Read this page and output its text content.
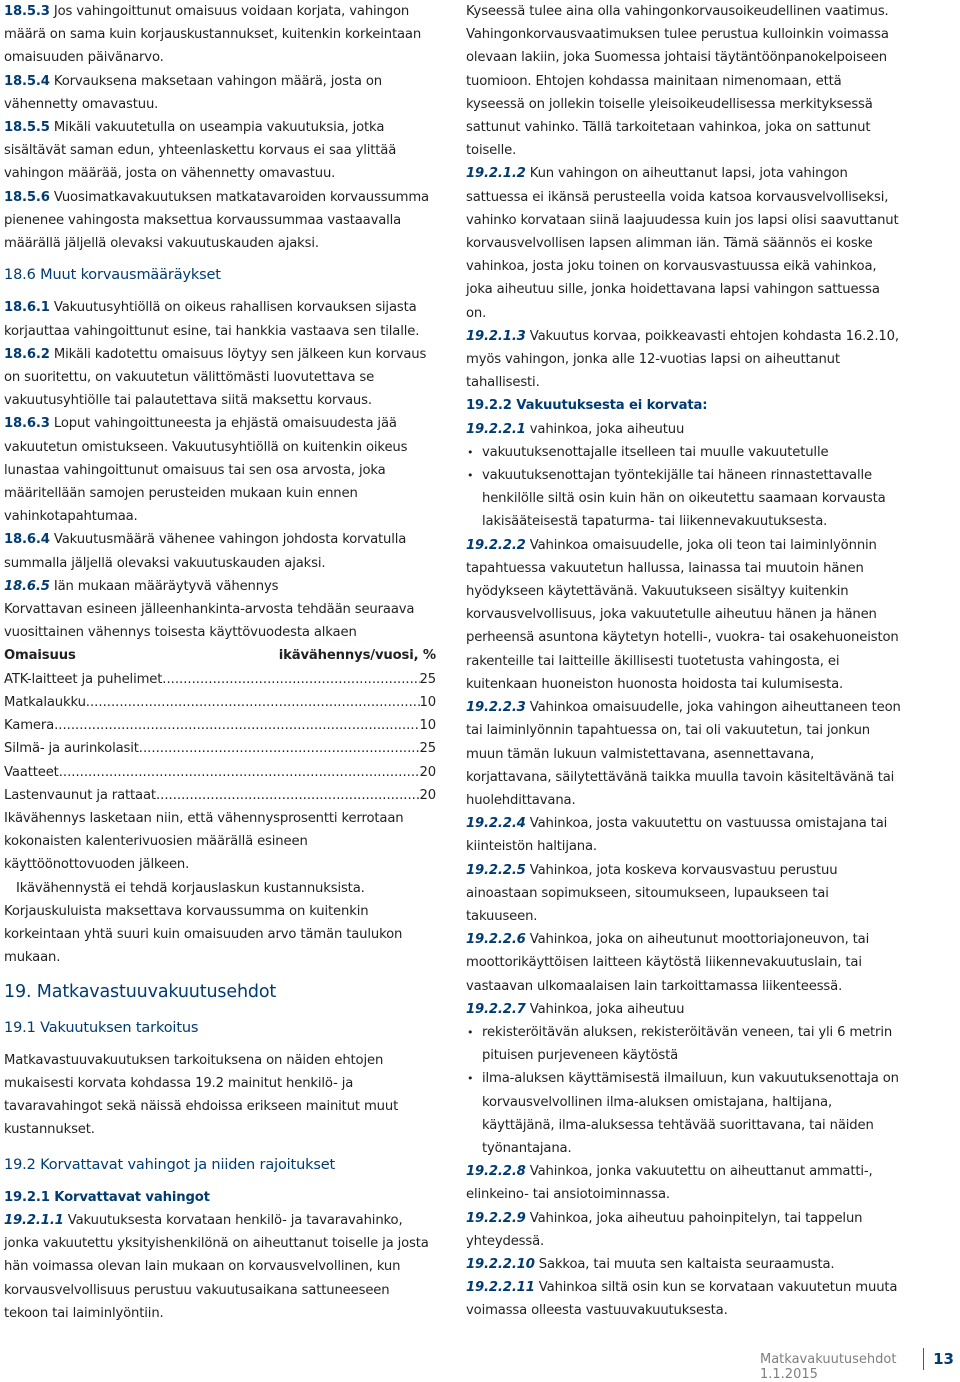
18.5.3 Jos vahingoittunut omaisuus voidaan korjata, vahingon määrä on sama kuin korjauskustannukset, kuitenkin korkeintaan omaisuuden päivänarvo.

18.5.4 Korvauksena maksetaan vahingon määrä, josta on vähennetty omavastuu.

18.5.5 Mikäli vakuutetulla on useampia vakuutuksia, jotka sisältävät saman edun, yhteenlaskettu korvaus ei saa ylittää vahingon määrää, josta on vähennetty omavastuu.

18.5.6 Vuosimatkavakuutuksen matkatavaroiden korvaussumma pienenee vahingosta maksettua korvaussummaa vastaavalla määrällä jäljellä olevaksi vakuutuskauden ajaksi.

18.6 Muut korvausmääräykset

18.6.1 Vakuutusyhtiöllä on oikeus rahallisen korvauksen sijasta korjauttaa vahingoittunut esine, tai hankkia vastaava sen tilalle.

18.6.2 Mikäli kadotettu omaisuus löytyy sen jälkeen kun korvaus on suoritettu, on vakuutetun välittömästi luovutettava se vakuutusyhtiölle tai palautettava siitä maksettu korvaus.

18.6.3 Loput vahingoittuneesta ja ehjästä omaisuudesta jää vakuutetun omistukseen. Vakuutusyhtiöllä on kuitenkin oikeus lunastaa vahingoittunut omaisuus tai sen osa arvosta, joka määritellään samojen perusteiden mukaan kuin ennen vahinkotapahtumaa.

18.6.4 Vakuutusmäärä vähenee vahingon johdosta korvatulla summalla jäljellä olevaksi vakuutuskauden ajaksi.

18.6.5 Iän mukaan määräytyvä vähennys

Korvattavan esineen jälleenhankinta-arvosta tehdään seuraava vuosittainen vähennys toisesta käyttövuodesta alkaen

Omaisuus	ikävähennys/vuosi, %
ATK-laitteet ja puhelimet .....	25
Matkalaukku .....	10
Kamera .....	10
Silmä- ja aurinkolasit .....	25
Vaatteet .....	20
Lastenvaunut ja rattaat .....	20

Ikävähennys lasketaan niin, että vähennysprosentti kerrotaan kokonaisten kalenterivuosien määrällä esineen käyttöönottovuoden jälkeen.

Ikävähennystä ei tehdä korjauslaskun kustannuksista. Korjauskuluista maksettava korvaussumma on kuitenkin korkeintaan yhtä suuri kuin omaisuuden arvo tämän taulukon mukaan.

19. Matkavastuuvakuutusehdot

19.1 Vakuutuksen tarkoitus

Matkavastuuvakuutuksen tarkoituksena on näiden ehtojen mukaisesti korvata kohdassa 19.2 mainitut henkilö- ja tavaravahingot sekä näissä ehdoissa erikseen mainitut muut kustannukset.

19.2 Korvattavat vahingot ja niiden rajoitukset

19.2.1 Korvattavat vahingot

19.2.1.1 Vakuutuksesta korvataan henkilö- ja tavaravahinko, jonka vakuutettu yksityishenkilönä on aiheuttanut toiselle ja josta hän voimassa olevan lain mukaan on korvausvelvollinen, kun korvausvelvollisuus perustuu vakuutusaikana sattuneeseen tekoon tai laiminlyöntiin.

Kyseessä tulee aina olla vahingonkorvausoikeudellinen vaatimus. Vahingonkorvausvaatimuksen tulee perustua kulloinkin voimassa olevaan lakiin, joka Suomessa johtaisi täytäntöönpanokelpoiseen tuomioon. Ehtojen kohdassa mainitaan nimenomaan, että kyseessä on jollekin toiselle yleisoikeudellisessa merkityksessä sattunut vahinko. Tällä tarkoitetaan vahinkoa, joka on sattunut toiselle.

19.2.1.2 Kun vahingon on aiheuttanut lapsi, jota vahingon sattuessa ei ikänsä perusteella voida katsoa korvausvelvolliseksi, vahinko korvataan siinä laajuudessa kuin jos lapsi olisi saavuttanut korvausvelvollisen lapsen alimman iän. Tämä säännös ei koske vahinkoa, josta joku toinen on korvausvastuussa eikä vahinkoa, joka aiheutuu sille, jonka hoidettavana lapsi vahingon sattuessa on.

19.2.1.3 Vakuutus korvaa, poikkeavasti ehtojen kohdasta 16.2.10, myös vahingon, jonka alle 12-vuotias lapsi on aiheuttanut tahallisesti.

19.2.2 Vakuutuksesta ei korvata:

19.2.2.1 vahinkoa, joka aiheutuu

• vakuutuksenottajalle itselleen tai muulle vakuutetulle

• vakuutuksenottajan työntekijälle tai häneen rinnastettavalle henkilölle siltä osin kuin hän on oikeutettu saamaan korvausta lakisääteisestä tapaturma- tai liikennevakuutuksesta.

19.2.2.2 Vahinkoa omaisuudelle, joka oli teon tai laiminlyönnin tapahtuessa vakuutetun hallussa, lainassa tai muutoin hänen hyödykseen käytettävänä. Vakuutukseen sisältyy kuitenkin korvausvelvollisuus, joka vakuutetulle aiheutuu hänen ja hänen perheensä asuntona käytetyn hotelli-, vuokra- tai osakehuoneiston rakenteille tai laitteille äkillisesti tuotetusta vahingosta, ei kuitenkaan huoneiston huonosta hoidosta tai kulumisesta.

19.2.2.3 Vahinkoa omaisuudelle, joka vahingon aiheuttaneen teon tai laiminlyönnin tapahtuessa on, tai oli vakuutetun, tai jonkun muun tämän lukuun valmistettavana, asennettavana, korjattavana, säilytettävänä taikka muulla tavoin käsiteltävänä tai huolehdittavana.

19.2.2.4 Vahinkoa, josta vakuutettu on vastuussa omistajana tai kiinteistön haltijana.

19.2.2.5 Vahinkoa, jota koskeva korvausvastuu perustuu ainoastaan sopimukseen, sitoumukseen, lupaukseen tai takuuseen.

19.2.2.6 Vahinkoa, joka on aiheutunut moottoriajoneuvon, tai moottorikäyttöisen laitteen käytöstä liikennevakuutuslain, tai vastaavan ulkomaalaisen lain tarkoittamassa liikenteessä.

19.2.2.7 Vahinkoa, joka aiheutuu

• rekisteröitävän aluksen, rekisteröitävän veneen, tai yli 6 metrin pituisen purjeveneen käytöstä

• ilma-aluksen käyttämisestä ilmailuun, kun vakuutuksenottaja on korvausvelvollinen ilma-aluksen omistajana, haltijana, käyttäjänä, ilma-aluksessa tehtävää suorittavana, tai näiden työnantajana.

19.2.2.8 Vahinkoa, jonka vakuutettu on aiheuttanut ammatti-, elinkeino- tai ansiotoiminnassa.

19.2.2.9 Vahinkoa, joka aiheutuu pahoinpitelyn, tai tappelun yhteydessä.

19.2.2.10 Sakkoa, tai muuta sen kaltaista seuraamusta.

19.2.2.11 Vahinkoa siltä osin kun se korvataan vakuutetun muuta voimassa olleesta vastuuvakuutuksesta.

Matkavakuutusehdot 1.1.2015
13
